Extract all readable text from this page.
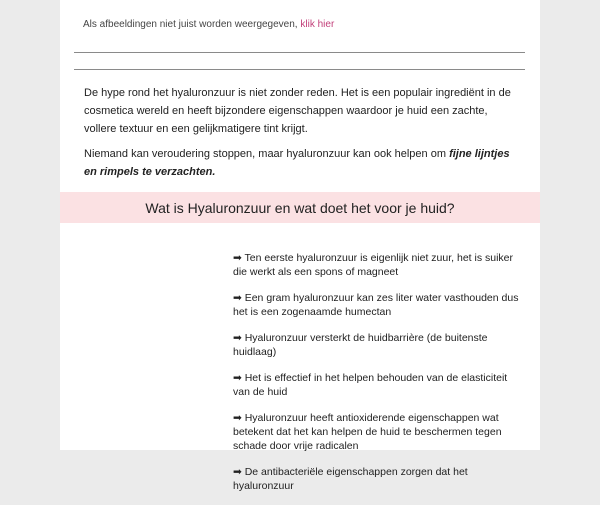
Als afbeeldingen niet juist worden weergegeven, klik hier

De hype rond het hyaluronzuur is niet zonder reden. Het is een populair ingrediënt in de cosmetica wereld en heeft bijzondere eigenschappen waardoor je huid een zachte, vollere textuur en een gelijkmatigere tint krijgt.

Niemand kan veroudering stoppen, maar hyaluronzuur kan ook helpen om fijne lijntjes en rimpels te verzachten.

Wat is Hyaluronzuur en wat doet het voor je huid?

➡ Ten eerste hyaluronzuur is eigenlijk niet zuur, het is suiker die werkt als een spons of magneet

➡ Een gram hyaluronzuur kan zes liter water vasthouden dus het is een zogenaamde humectan

➡ Hyaluronzuur versterkt de huidbarrière (de buitenste huidlaag)

➡ Het is effectief in het helpen behouden van de elasticiteit van de huid

➡ Hyaluronzuur heeft antioxiderende eigenschappen wat betekent dat het kan helpen de huid te beschermen tegen schade door vrije radicalen

➡ De antibacteriële eigenschappen zorgen dat het hyaluronzuur
